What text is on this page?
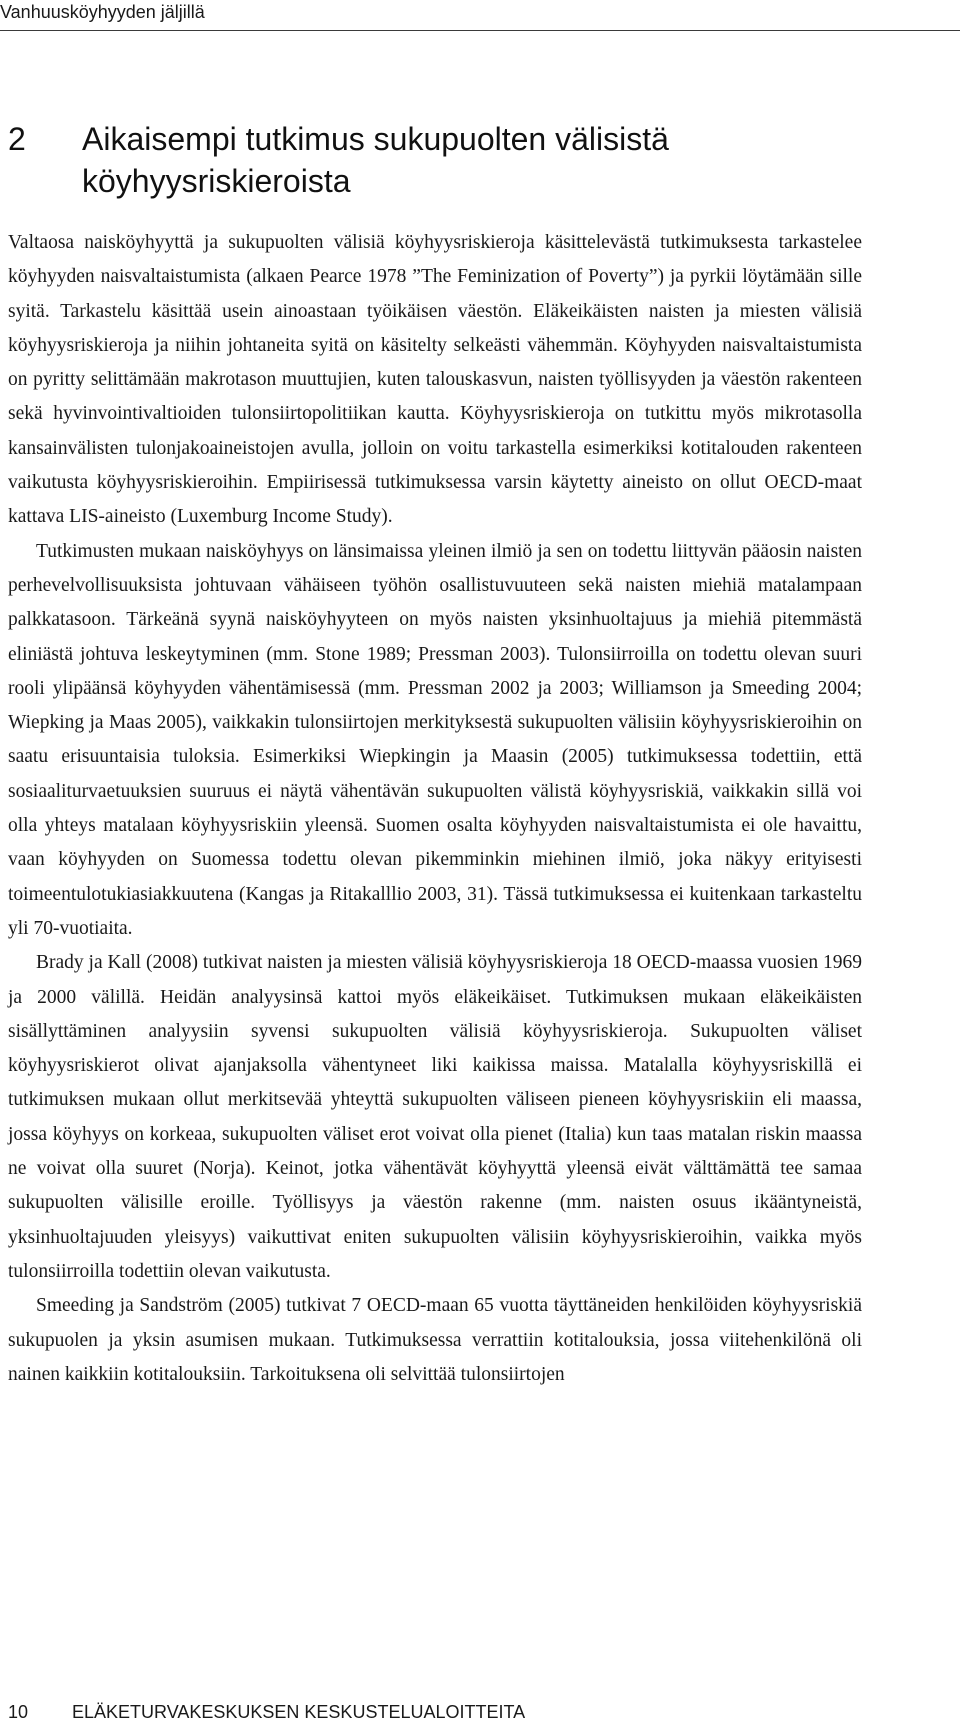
Vanhuusköyhyyden jäljillä
2	Aikaisempi tutkimus sukupuolten välisistä köyhyysriskieroista

Valtaosa naisköyhyyttä ja sukupuolten välisiä köyhyysriskieroja käsittelevästä tutkimuksesta tarkastelee köyhyyden naisvaltaistumista (alkaen Pearce 1978 ”The Feminization of Poverty”) ja pyrkii löytämään sille syitä. Tarkastelu käsittää usein ainoastaan työikäisen väestön. Eläkeikäisten naisten ja miesten välisiä köyhyysriskieroja ja niihin johtaneita syitä on käsitelty selkeästi vähemmän. Köyhyyden naisvaltaistumista on pyritty selittämään makrotason muuttujien, kuten talouskasvun, naisten työllisyyden ja väestön rakenteen sekä hyvinvointivaltioiden tulonsiirtopolitiikan kautta. Köyhyysriskieroja on tutkittu myös mikrotasolla kansainvälisten tulonjakoaineistojen avulla, jolloin on voitu tarkastella esimerkiksi kotitalouden rakenteen vaikutusta köyhyysriskieroihin. Empiirisessä tutkimuksessa varsin käytetty aineisto on ollut OECD-maat kattava LIS-aineisto (Luxemburg Income Study).

Tutkimusten mukaan naisköyhyys on länsimaissa yleinen ilmiö ja sen on todettu liittyvän pääosin naisten perhevelvollisuuksista johtuvaan vähäiseen työhön osallistuvuuteen sekä naisten miehiä matalampaan palkkatasoon. Tärkeänä syynä naisköyhyyteen on myös naisten yksinhuoltajuus ja miehiä pitemmästä eliniästä johtuva leskeytyminen (mm. Stone 1989; Pressman 2003). Tulonsiirroilla on todettu olevan suuri rooli ylipäänsä köyhyyden vähentämisessä (mm. Pressman 2002 ja 2003; Williamson ja Smeeding 2004; Wiepking ja Maas 2005), vaikkakin tulonsiirtojen merkityksestä sukupuolten välisiin köyhyysriskieroihin on saatu erisuuntaisia tuloksia. Esimerkiksi Wiepkingin ja Maasin (2005) tutkimuksessa todettiin, että sosiaaliturvaetuuksien suuruus ei näytä vähentävän sukupuolten välistä köyhyysriskiä, vaikkakin sillä voi olla yhteys matalaan köyhyysriskiin yleensä. Suomen osalta köyhyyden naisvaltaistumista ei ole havaittu, vaan köyhyyden on Suomessa todettu olevan pikemminkin miehinen ilmiö, joka näkyy erityisesti toimeentulotukiasiakkuutena (Kangas ja Ritakalllio 2003, 31). Tässä tutkimuksessa ei kuitenkaan tarkasteltu yli 70-vuotiaita.

Brady ja Kall (2008) tutkivat naisten ja miesten välisiä köyhyysriskieroja 18 OECD-maassa vuosien 1969 ja 2000 välillä. Heidän analyysinsä kattoi myös eläkeikäiset. Tutkimuksen mukaan eläkeikäisten sisällyttäminen analyysiin syvensi sukupuolten välisiä köyhyysriskieroja. Sukupuolten väliset köyhyysriskierot olivat ajanjaksolla vähentyneet liki kaikissa maissa. Matalalla köyhyysriskillä ei tutkimuksen mukaan ollut merkitsevää yhteyttä sukupuolten väliseen pieneen köyhyysriskiin eli maassa, jossa köyhyys on korkeaa, sukupuolten väliset erot voivat olla pienet (Italia) kun taas matalan riskin maassa ne voivat olla suuret (Norja). Keinot, jotka vähentävät köyhyyttä yleensä eivät välttämättä tee samaa sukupuolten välisille eroille. Työllisyys ja väestön rakenne (mm. naisten osuus ikääntyneistä, yksinhuoltajuuden yleisyys) vaikuttivat eniten sukupuolten välisiin köyhyysriskieroihin, vaikka myös tulonsiirroilla todettiin olevan vaikutusta.

Smeeding ja Sandström (2005) tutkivat 7 OECD-maan 65 vuotta täyttäneiden henkilöiden köyhyysriskiä sukupuolen ja yksin asumisen mukaan. Tutkimuksessa verrattiin kotitalouksia, jossa viitehenkilönä oli nainen kaikkiin kotitalouksiin. Tarkoituksena oli selvittää tulonsiirtojen

10	ELÄKETURVAKESKUKSEN KESKUSTELUALOITTEITA
